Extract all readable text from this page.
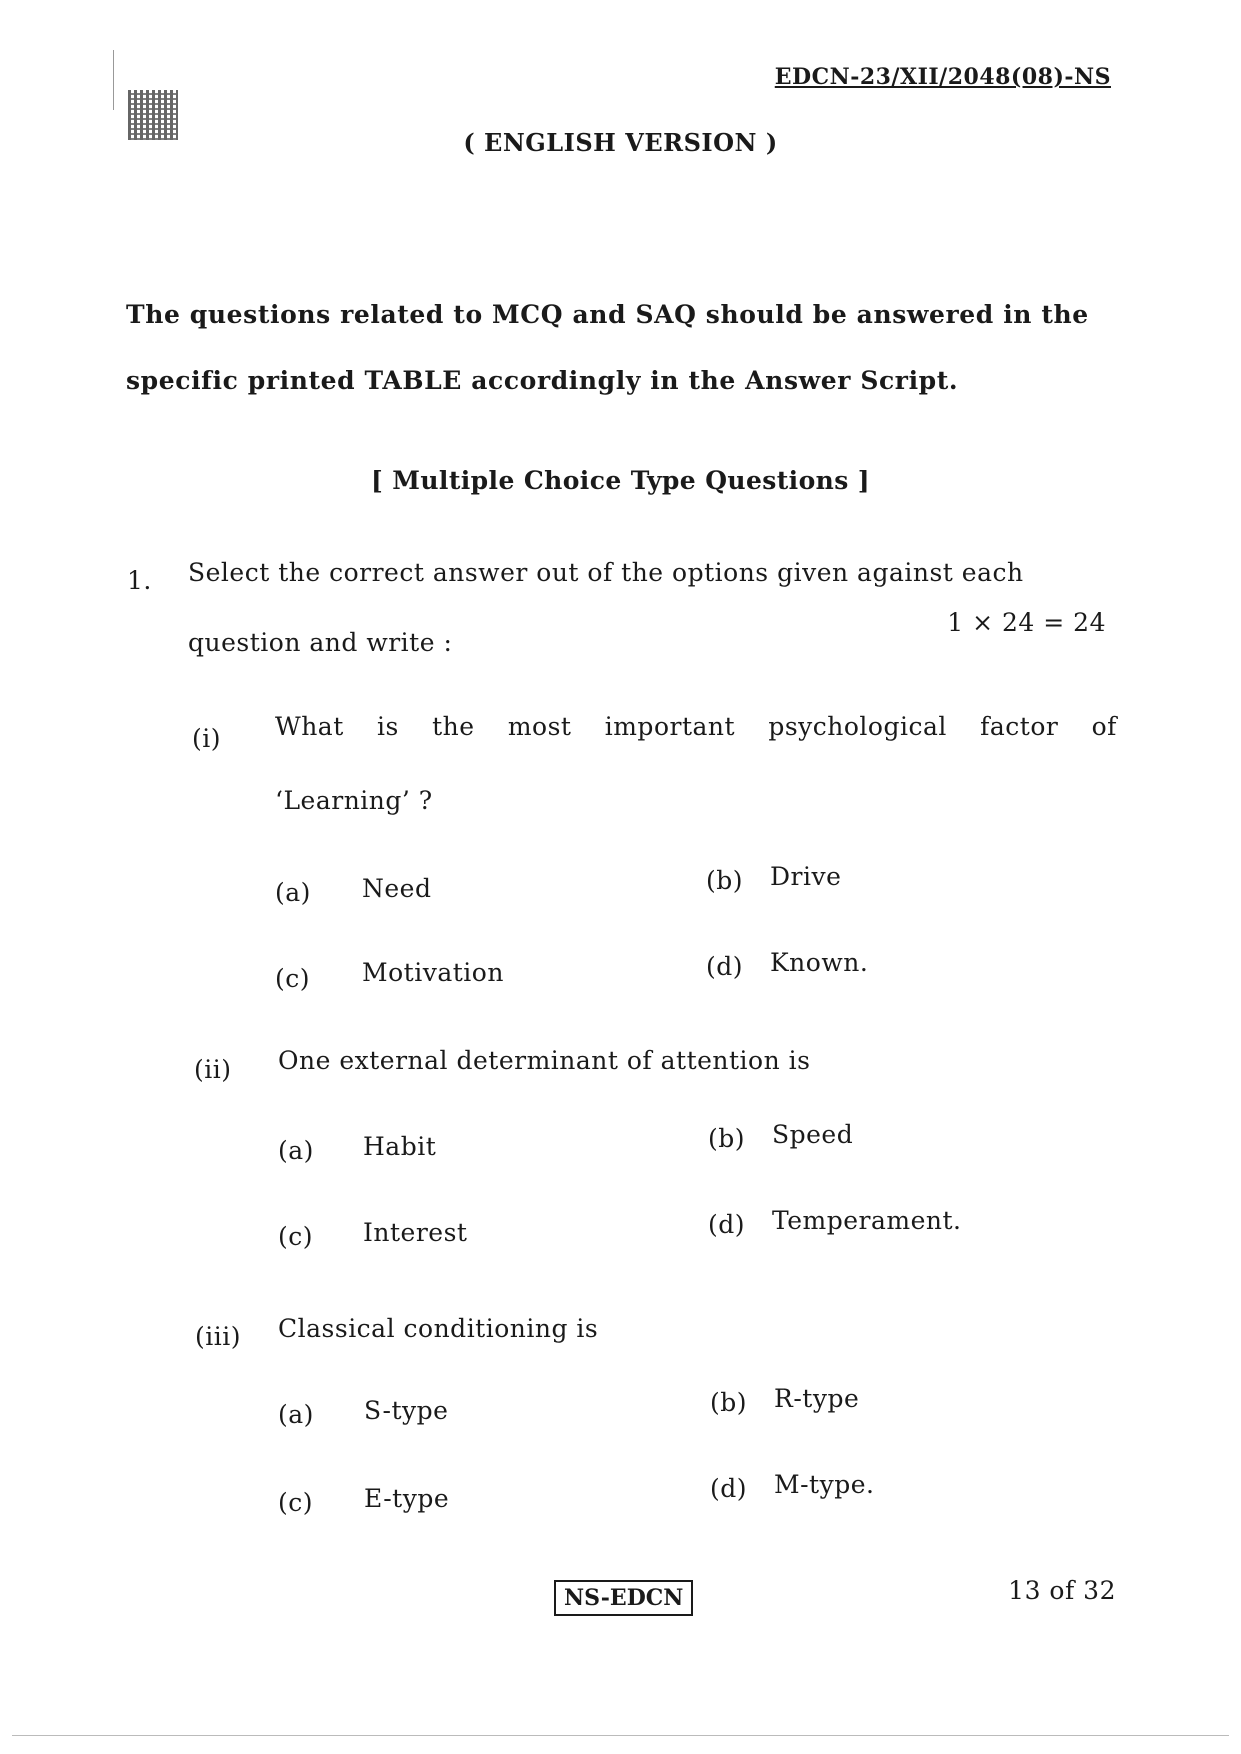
EDCN-23/XII/2048(08)-NS
( ENGLISH VERSION )
The questions related to MCQ and SAQ should be answered in the
specific printed TABLE accordingly in the Answer Script.
[ Multiple Choice Type Questions ]
1. Select the correct answer out of the options given against each
question and write :
1 × 24 = 24
(i) What is the most important psychological factor of
‘Learning’ ?
(a) Need	(b) Drive
(c) Motivation	(d) Known.
(ii) One external determinant of attention is
(a) Habit	(b) Speed
(c) Interest	(d) Temperament.
(iii) Classical conditioning is
(a) S-type	(b) R-type
(c) E-type	(d) M-type.
NS-EDCN	13 of 32
